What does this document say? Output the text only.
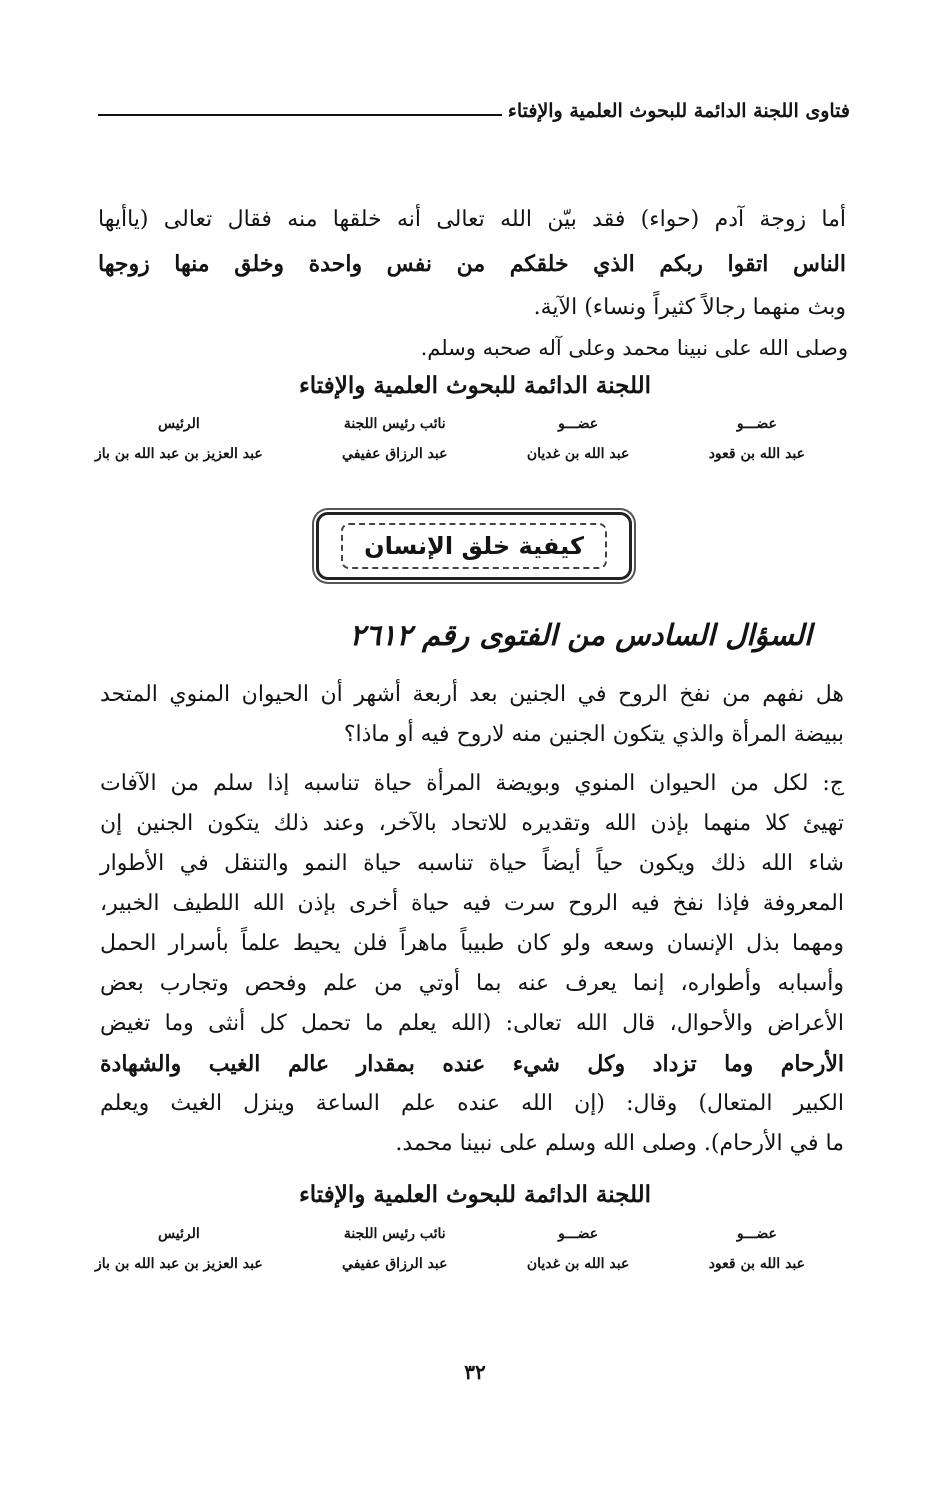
فتاوى اللجنة الدائمة للبحوث العلمية والإفتاء
أما زوجة آدم (حواء) فقد بيّن الله تعالى أنه خلقها منه فقال تعالى (ياأيها
الناس اتقوا ربكم الذي خلقكم من نفس واحدة وخلق منها زوجها
وبث منهما رجالاً كثيراً ونساء) الآية.
وصلى الله على نبينا محمد وعلى آله صحبه وسلم.
اللجنة الدائمة للبحوث العلمية والإفتاء
عضـــو
عبد الله بن قعود
عضـــو
عبد الله بن غديان
نائب رئيس اللجنة
عبد الرزاق عفيفي
الرئيس
عبد العزيز بن عبد الله بن باز
كيفية خلق الإنسان
السؤال السادس من الفتوى رقم ٢٦١٢
هل نفهم من نفخ الروح في الجنين بعد أربعة أشهر أن الحيوان المنوي المتحد
ببيضة المرأة والذي يتكون الجنين منه لاروح فيه أو ماذا؟
ج: لكل من الحيوان المنوي وبويضة المرأة حياة تناسبه إذا سلم من الآفات
تهيئ كلا منهما بإذن الله وتقديره للاتحاد بالآخر، وعند ذلك يتكون الجنين إن
شاء الله ذلك ويكون حياً أيضاً حياة تناسبه حياة النمو والتنقل في الأطوار
المعروفة فإذا نفخ فيه الروح سرت فيه حياة أخرى بإذن الله اللطيف الخبير،
ومهما بذل الإنسان وسعه ولو كان طبيباً ماهراً فلن يحيط علماً بأسرار الحمل
وأسبابه وأطواره، إنما يعرف عنه بما أوتي من علم وفحص وتجارب بعض
الأعراض والأحوال، قال الله تعالى: (الله يعلم ما تحمل كل أنثى وما تغيض
الأرحام وما تزداد وكل شيء عنده بمقدار عالم الغيب والشهادة
الكبير المتعال) وقال: (إن الله عنده علم الساعة وينزل الغيث ويعلم
ما في الأرحام). وصلى الله وسلم على نبينا محمد.
اللجنة الدائمة للبحوث العلمية والإفتاء
عضـــو
عبد الله بن قعود
عضـــو
عبد الله بن غديان
نائب رئيس اللجنة
عبد الرزاق عفيفي
الرئيس
عبد العزيز بن عبد الله بن باز
٣٢
